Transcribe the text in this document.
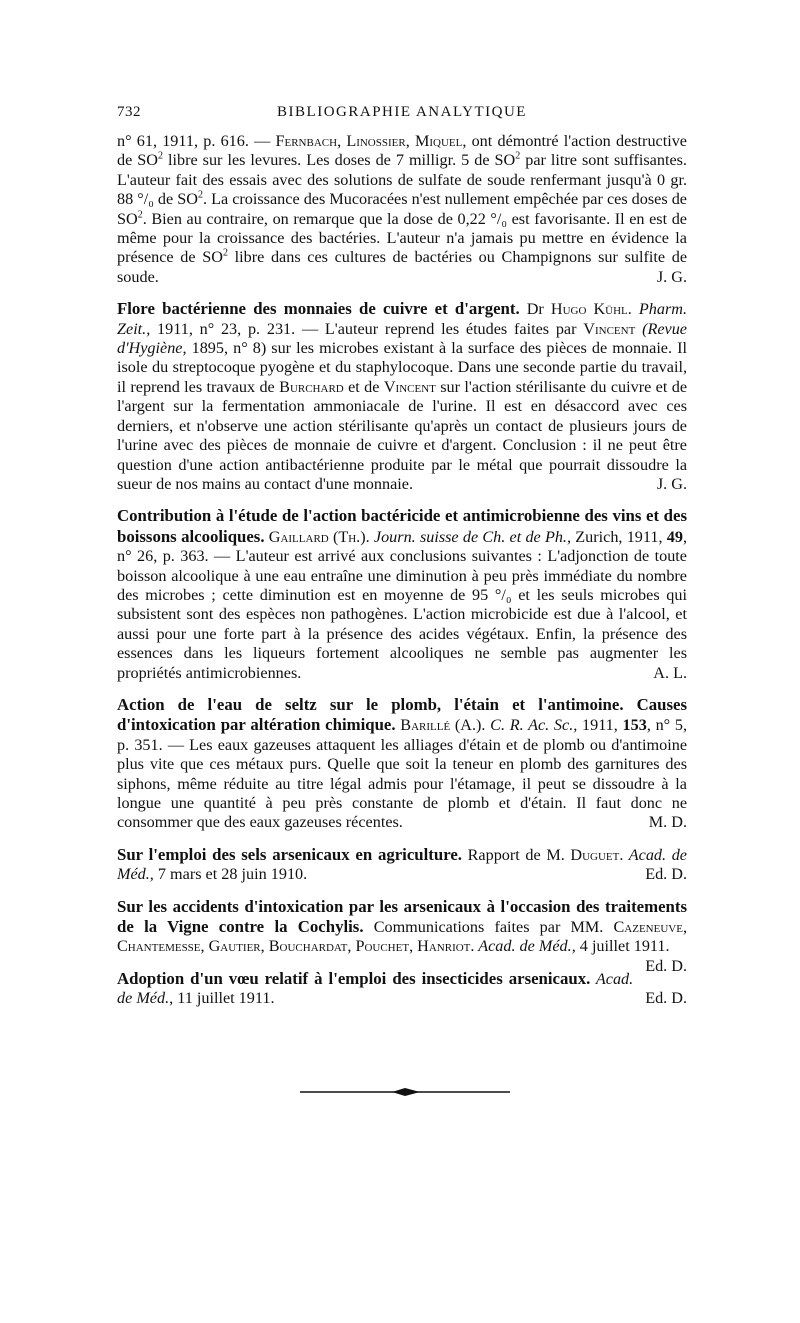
732	BIBLIOGRAPHIE ANALYTIQUE

n° 61, 1911, p. 616. — Fernbach, Linossier, Miquel, ont démontré l'action destructive de $SO^2$ libre sur les levures. Les doses de 7 milligr. 5 de $SO^2$ par litre sont suffisantes. L'auteur fait des essais avec des solutions de sulfate de soude renfermant jusqu'à 0 gr. 88 °/₀ de $SO^2$. La croissance des Mucoracées n'est nullement empêchée par ces doses de $SO^2$. Bien au contraire, on remarque que la dose de 0,22 °/₀ est favorisante. Il en est de même pour la croissance des bactéries. L'auteur n'a jamais pu mettre en évidence la présence de $SO^2$ libre dans ces cultures de bactéries ou Champignons sur sulfite de soude.	J. G.

Flore bactérienne des monnaies de cuivre et d'argent. Dr Hugo Kühl. Pharm. Zeit., 1911, n° 23, p. 231. — L'auteur reprend les études faites par Vincent (Revue d'Hygiène, 1895, n° 8) sur les microbes existant à la surface des pièces de monnaie. Il isole du streptocoque pyogène et du staphylocoque. Dans une seconde partie du travail, il reprend les travaux de Burchard et de Vincent sur l'action stérilisante du cuivre et de l'argent sur la fermentation ammoniacale de l'urine. Il est en désaccord avec ces derniers, et n'observe une action stérilisante qu'après un contact de plusieurs jours de l'urine avec des pièces de monnaie de cuivre et d'argent. Conclusion : il ne peut être question d'une action antibactérienne produite par le métal que pourrait dissoudre la sueur de nos mains au contact d'une monnaie.	J. G.

Contribution à l'étude de l'action bactéricide et antimicrobienne des vins et des boissons alcooliques. Gaillard (Th.). Journ. suisse de Ch. et de Ph., Zurich, 1911, 49, n° 26, p. 363. — L'auteur est arrivé aux conclusions suivantes : L'adjonction de toute boisson alcoolique à une eau entraîne une diminution à peu près immédiate du nombre des microbes ; cette diminution est en moyenne de 95 °/₀ et les seuls microbes qui subsistent sont des espèces non pathogènes. L'action microbicide est due à l'alcool, et aussi pour une forte part à la présence des acides végétaux. Enfin, la présence des essences dans les liqueurs fortement alcooliques ne semble pas augmenter les propriétés antimicrobiennes.	A. L.

Action de l'eau de seltz sur le plomb, l'étain et l'antimoine. Causes d'intoxication par altération chimique. Barillé (A.). C. R. Ac. Sc., 1911, 153, n° 5, p. 351. — Les eaux gazeuses attaquent les alliages d'étain et de plomb ou d'antimoine plus vite que ces métaux purs. Quelle que soit la teneur en plomb des garnitures des siphons, même réduite au titre légal admis pour l'étamage, il peut se dissoudre à la longue une quantité à peu près constante de plomb et d'étain. Il faut donc ne consommer que des eaux gazeuses récentes.	M. D.

Sur l'emploi des sels arsenicaux en agriculture. Rapport de M. Duguet. Acad. de Méd., 7 mars et 28 juin 1910.	Ed. D.

Sur les accidents d'intoxication par les arsenicaux à l'occasion des traitements de la Vigne contre la Cochylis. Communications faites par MM. Cazeneuve, Chantemesse, Gautier, Bouchardat, Pouchet, Hanriot. Acad. de Méd., 4 juillet 1911.
Ed. D.

Adoption d'un vœu relatif à l'emploi des insecticides arsenicaux. Acad. de Méd., 11 juillet 1911.	Ed. D.
